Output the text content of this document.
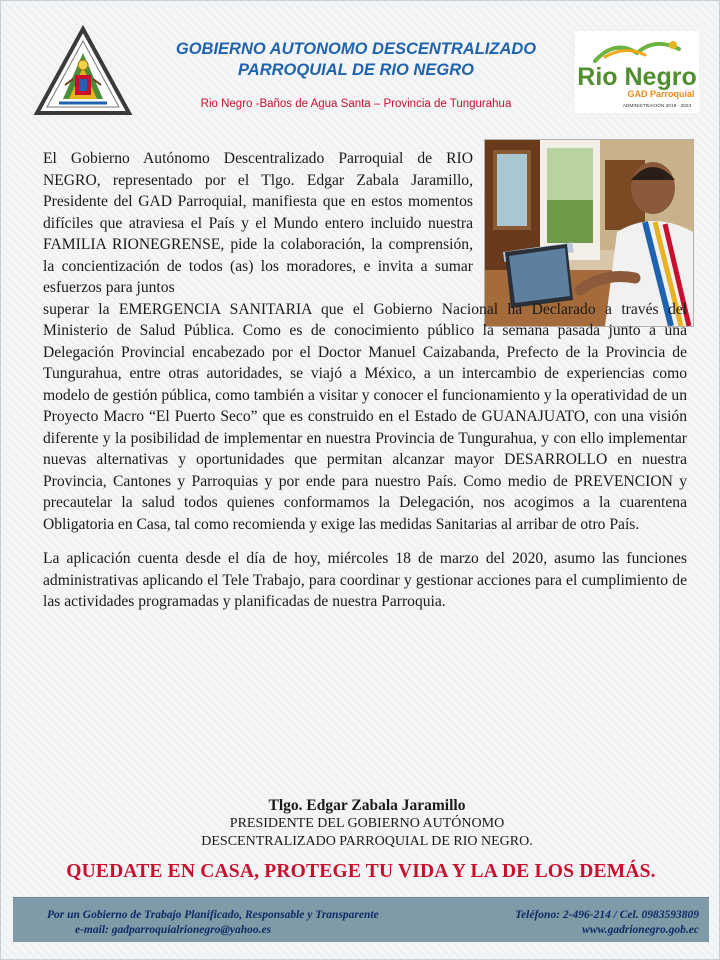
GOBIERNO AUTONOMO DESCENTRALIZADO
PARROQUIAL DE RIO NEGRO
Rio Negro -Baños de Agua Santa – Provincia de Tungurahua
Rio Negro
GAD Parroquial
ADMINISTRACIÓN 2019 - 2023

El Gobierno Autónomo Descentralizado Parroquial de RIO NEGRO, representado por el Tlgo. Edgar Zabala Jaramillo, Presidente del GAD Parroquial, manifiesta que en estos momentos difíciles que atraviesa el País y el Mundo entero incluido nuestra FAMILIA RIONEGRENSE, pide la colaboración, la comprensión, la concientización de todos (as) los moradores, e invita a sumar esfuerzos para juntos

superar la EMERGENCIA SANITARIA que el Gobierno Nacional ha Declarado a través del Ministerio de Salud Pública. Como es de conocimiento público la semana pasada junto a una Delegación Provincial encabezado por el Doctor Manuel Caizabanda, Prefecto de la Provincia de Tungurahua, entre otras autoridades, se viajó a México, a un intercambio de experiencias como modelo de gestión pública, como también a visitar y conocer el funcionamiento y la operatividad de un Proyecto Macro “El Puerto Seco” que es construido en el Estado de GUANAJUATO, con una visión diferente y la posibilidad de implementar en nuestra Provincia de Tungurahua, y con ello implementar nuevas alternativas y oportunidades que permitan alcanzar mayor DESARROLLO en nuestra Provincia, Cantones y Parroquias y por ende para nuestro País. Como medio de PREVENCION y precautelar la salud todos quienes conformamos la Delegación, nos acogimos a la cuarentena Obligatoria en Casa, tal como recomienda y exige las medidas Sanitarias al arribar de otro País.

La aplicación cuenta desde el día de hoy, miércoles 18 de marzo del 2020, asumo las funciones administrativas aplicando el Tele Trabajo, para coordinar y gestionar acciones para el cumplimiento de las actividades programadas y planificadas de nuestra Parroquia.

Tlgo. Edgar Zabala Jaramillo
PRESIDENTE DEL GOBIERNO AUTÓNOMO
DESCENTRALIZADO PARROQUIAL DE RIO NEGRO.
QUEDATE EN CASA, PROTEGE TU VIDA Y LA DE LOS DEMÁS.
Por un Gobierno de Trabajo Planificado, Responsable y Transparente
e-mail: gadparroquialrionegro@yahoo.es
Teléfono: 2-496-214 / Cel. 0983593809
www.gadrionegro.gob.ec
